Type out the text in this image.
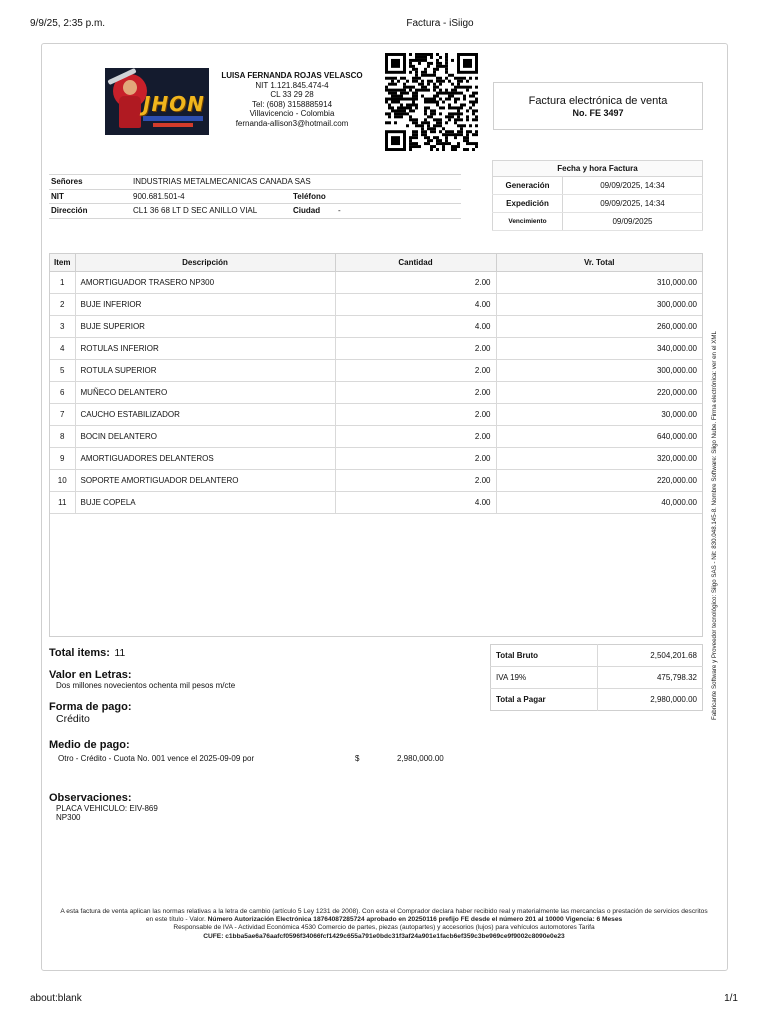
9/9/25, 2:35 p.m.	Factura - iSiigo
JHON
LUISA FERNANDA ROJAS VELASCO
NIT 1.121.845.474-4
CL 33 29 28
Tel: (608) 3158885914
Villavicencio - Colombia
fernanda-allison3@hotmail.com
Factura electrónica de venta
No. FE 3497
Señores	INDUSTRIAS METALMECANICAS CANADA SAS		
NIT	900.681.501-4	Teléfono	
Dirección	CL1 36 68 LT D SEC ANILLO VIAL	Ciudad	-
Fecha y hora Factura	
Generación	09/09/2025, 14:34
Expedición	09/09/2025, 14:34
Vencimiento	09/09/2025
Item	Descripción	Cantidad	Vr. Total
1	AMORTIGUADOR TRASERO NP300	2.00	310,000.00
2	BUJE INFERIOR	4.00	300,000.00
3	BUJE SUPERIOR	4.00	260,000.00
4	ROTULAS INFERIOR	2.00	340,000.00
5	ROTULA SUPERIOR	2.00	300,000.00
6	MUÑECO DELANTERO	2.00	220,000.00
7	CAUCHO ESTABILIZADOR	2.00	30,000.00
8	BOCIN DELANTERO	2.00	640,000.00
9	AMORTIGUADORES DELANTEROS	2.00	320,000.00
10	SOPORTE AMORTIGUADOR DELANTERO	2.00	220,000.00
11	BUJE COPELA	4.00	40,000.00 Fabricante Software y Proveedor tecnológico: Siigo SAS - Nit: 830.048.145-8. Nombre Software: Siigo Nube. Firma electrónica: ver en el XML
Total items: 11
Valor en Letras:
Dos millones novecientos ochenta mil pesos m/cte
Forma de pago:
Crédito
Medio de pago:
Otro - Crédito - Cuota No. 001 vence el 2025-09-09 por	$	2,980,000.00
Observaciones:
PLACA VEHICULO: EIV-869
NP300
Total Bruto	2,504,201.68
IVA 19%	475,798.32
Total a Pagar	2,980,000.00
A esta factura de venta aplican las normas relativas a la letra de cambio (artículo 5 Ley 1231 de 2008). Con esta el Comprador declara haber recibido real y materialmente las mercancías o prestación de servicios descritos en este título - Valor. Número Autorización Electrónica 18764087285724 aprobado en 20250116 prefijo FE desde el número 201 al 10000 Vigencia: 6 Meses
Responsable de IVA - Actividad Económica 4530 Comercio de partes, piezas (autopartes) y accesorios (lujos) para vehículos automotores Tarifa
CUFE: c1bba5ae6a76aafcf0596f34066fcf1429c655a791e0bdc31f3af24a901e1facb6ef359c3be969ce9f9002c8090e0e23
about:blank	1/1
